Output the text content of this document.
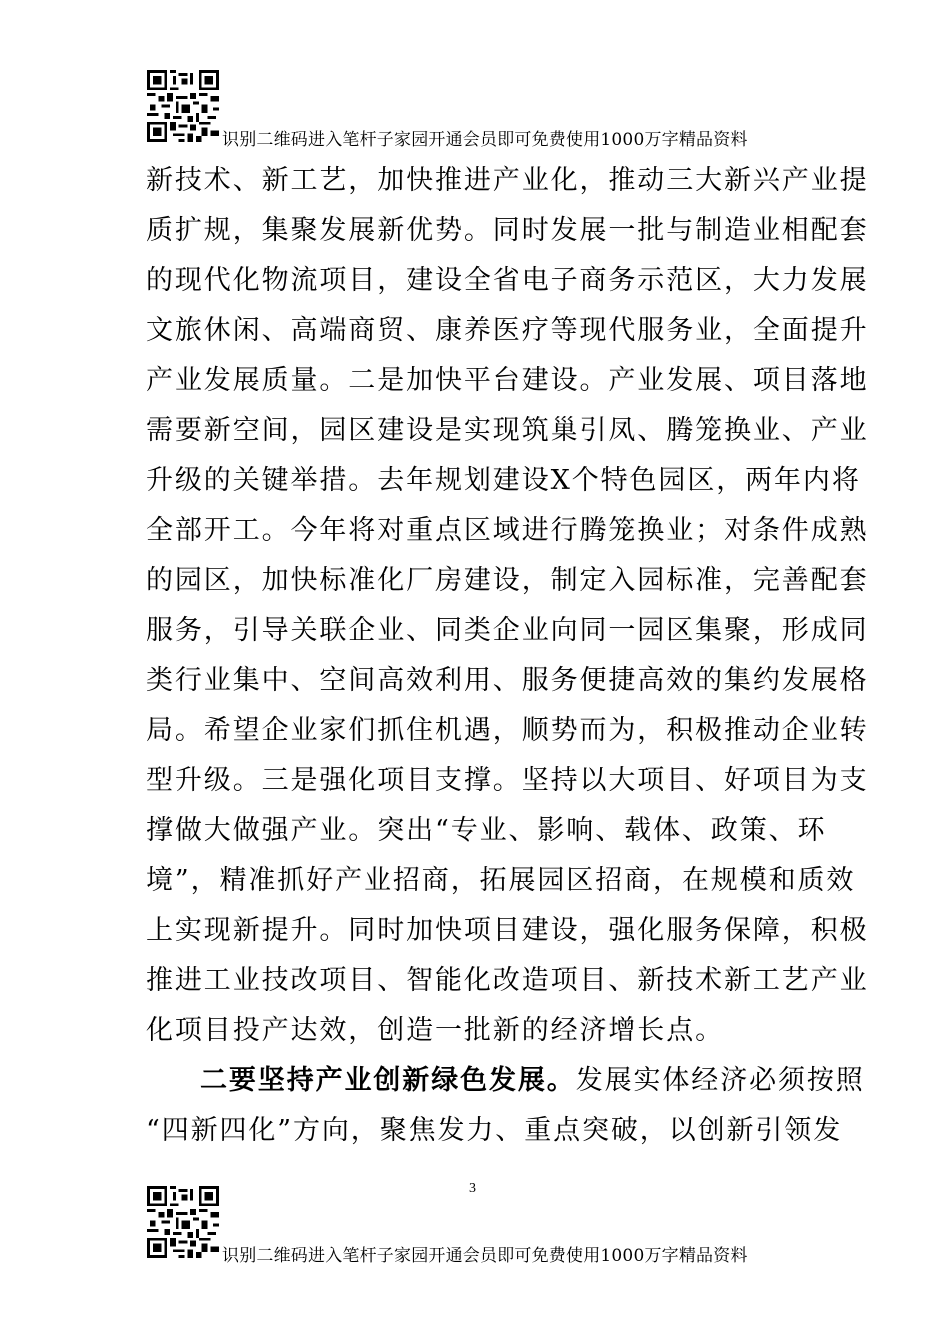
识别二维码进入笔杆子家园开通会员即可免费使用1000万字精品资料
新技术、新工艺，加快推进产业化，推动三大新兴产业提
质扩规，集聚发展新优势。同时发展一批与制造业相配套
的现代化物流项目，建设全省电子商务示范区，大力发展
文旅休闲、高端商贸、康养医疗等现代服务业，全面提升
产业发展质量。二是加快平台建设。产业发展、项目落地
需要新空间，园区建设是实现筑巢引凤、腾笼换业、产业
升级的关键举措。去年规划建设X个特色园区，两年内将
全部开工。今年将对重点区域进行腾笼换业；对条件成熟
的园区，加快标准化厂房建设，制定入园标准，完善配套
服务，引导关联企业、同类企业向同一园区集聚，形成同
类行业集中、空间高效利用、服务便捷高效的集约发展格
局。希望企业家们抓住机遇，顺势而为，积极推动企业转
型升级。三是强化项目支撑。坚持以大项目、好项目为支
撑做大做强产业。突出“专业、影响、载体、政策、环
境”，精准抓好产业招商，拓展园区招商，在规模和质效
上实现新提升。同时加快项目建设，强化服务保障，积极
推进工业技改项目、智能化改造项目、新技术新工艺产业
化项目投产达效，创造一批新的经济增长点。
二要坚持产业创新绿色发展。发展实体经济必须按照
“四新四化”方向，聚焦发力、重点突破，以创新引领发
3
识别二维码进入笔杆子家园开通会员即可免费使用1000万字精品资料
